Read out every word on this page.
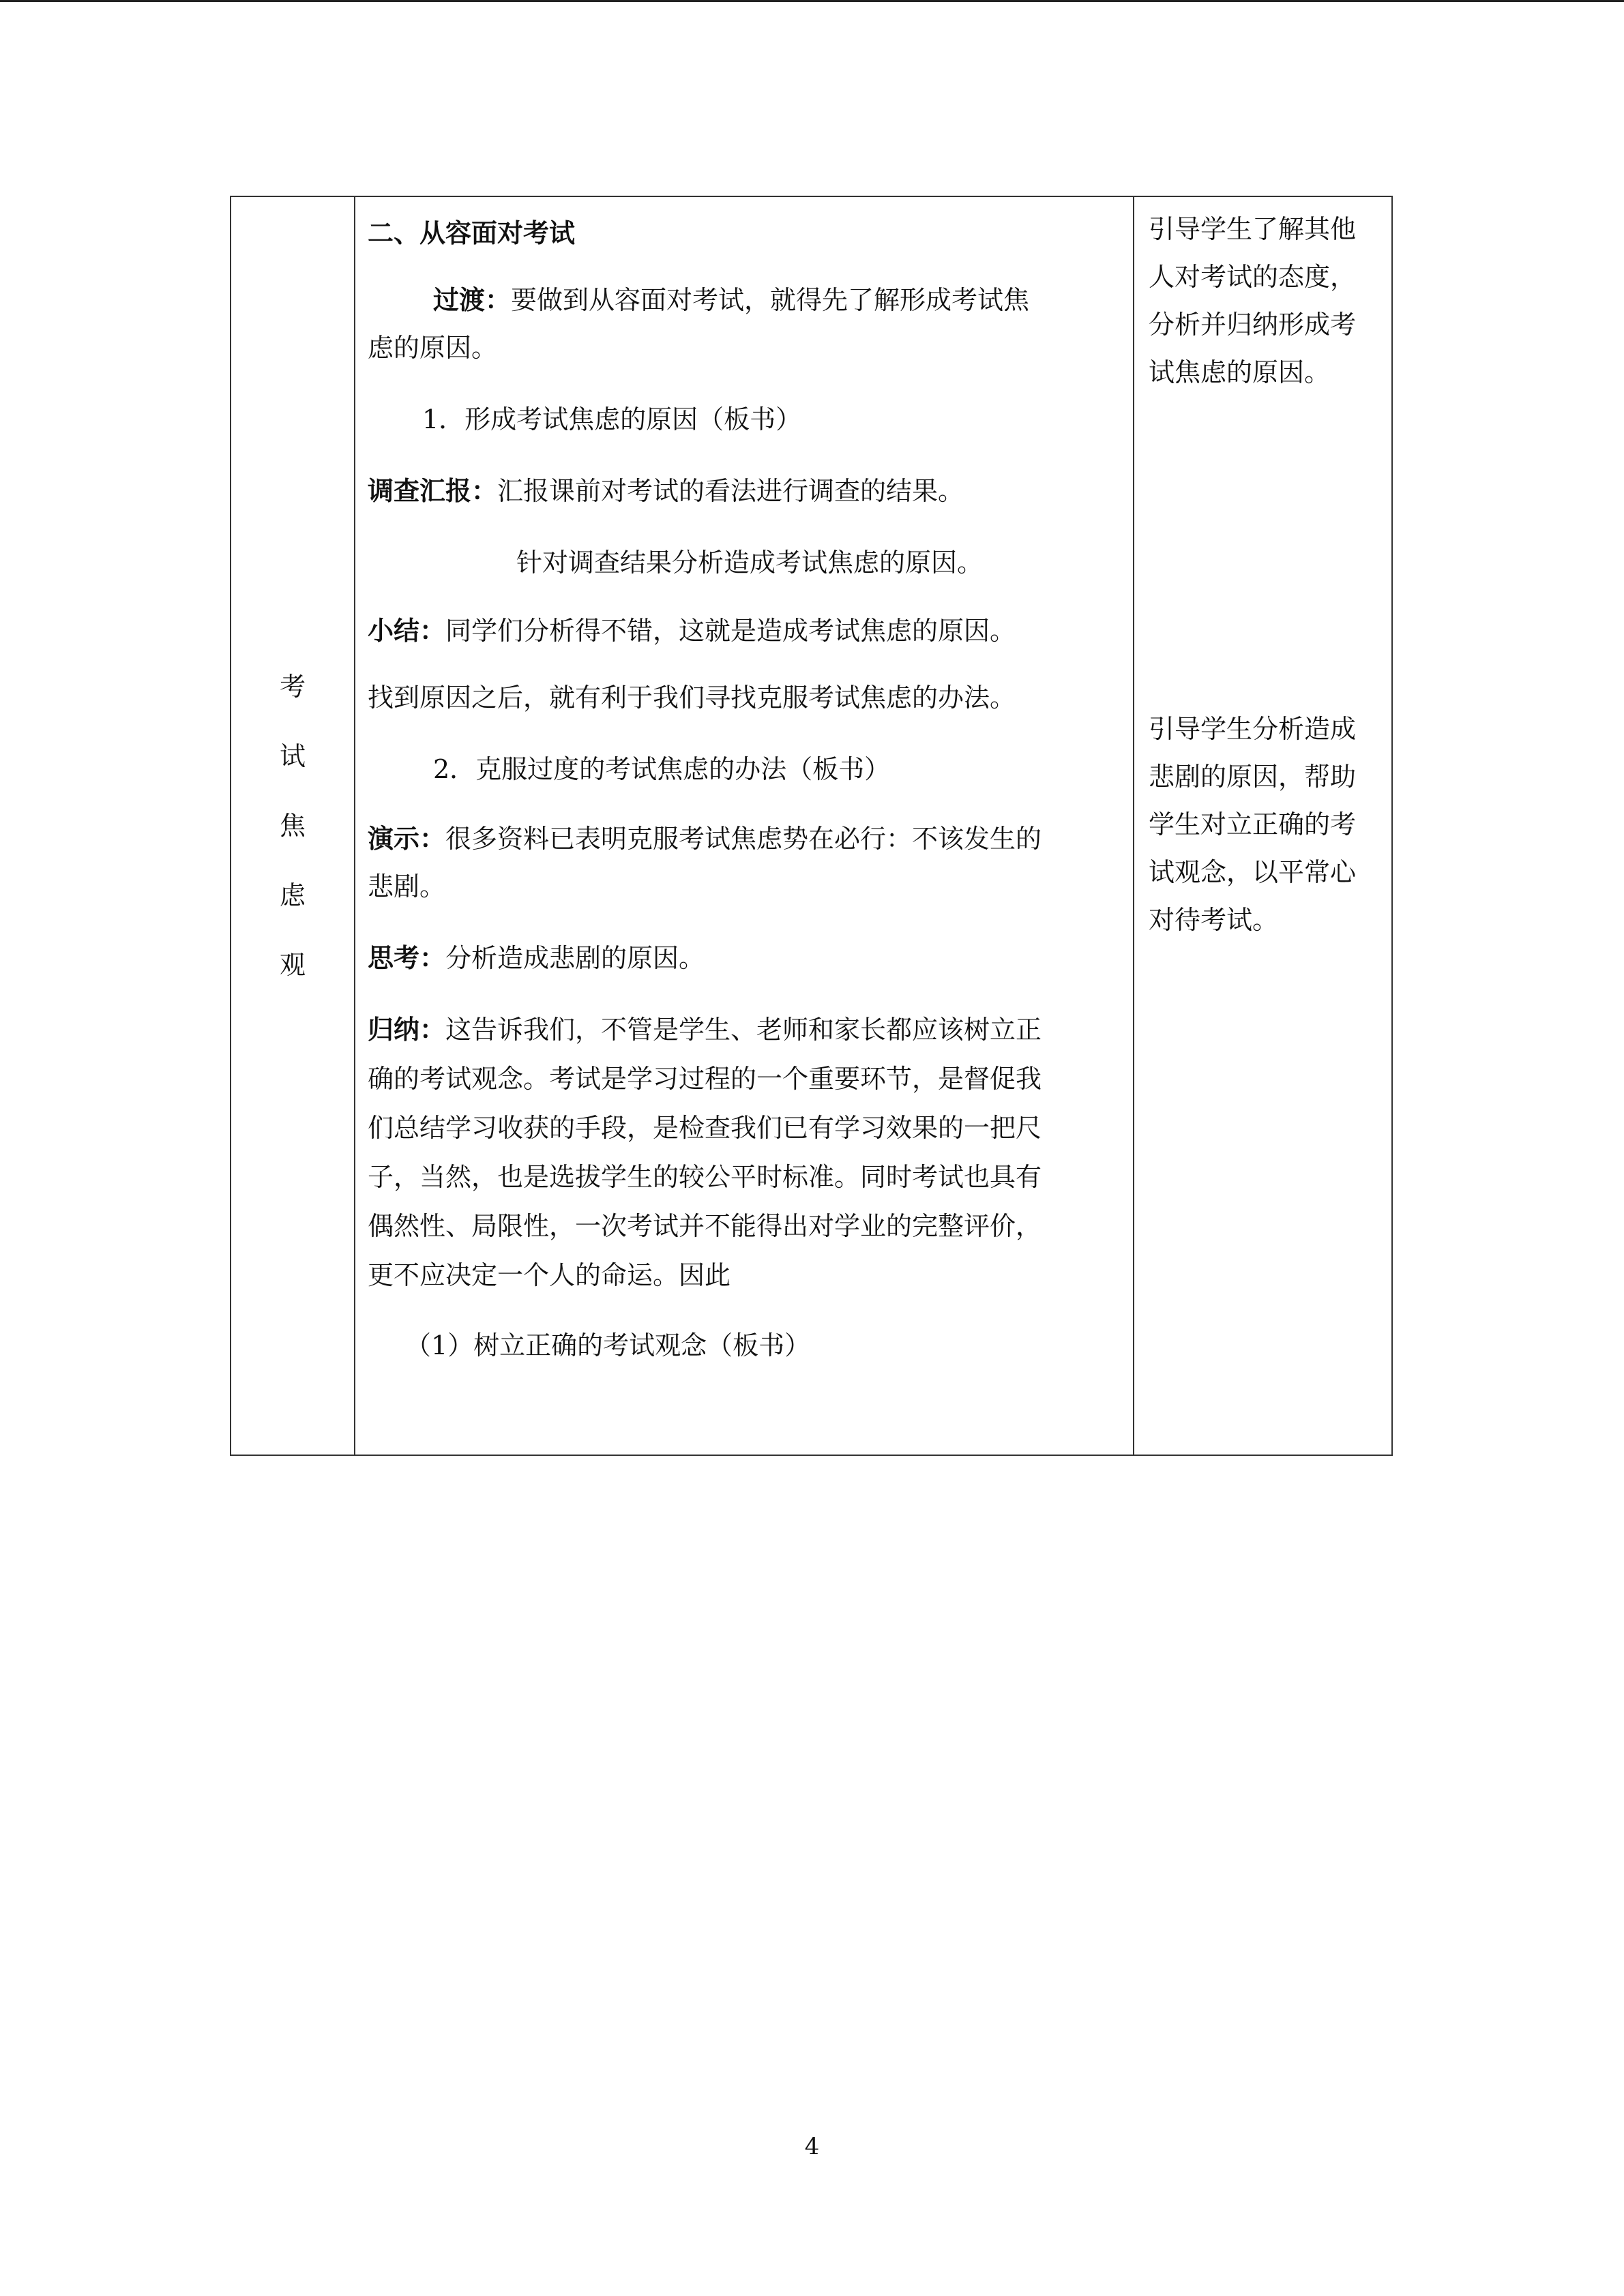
考
试
焦
虑
观
二、从容面对考试
过渡：要做到从容面对考试，就得先了解形成考试焦
虑的原因。
1．形成考试焦虑的原因（板书）
调查汇报：汇报课前对考试的看法进行调查的结果。
针对调查结果分析造成考试焦虑的原因。
小结：同学们分析得不错，这就是造成考试焦虑的原因。
找到原因之后，就有利于我们寻找克服考试焦虑的办法。
2．克服过度的考试焦虑的办法（板书）
演示：很多资料已表明克服考试焦虑势在必行：不该发生的
悲剧。
思考：分析造成悲剧的原因。
归纳：这告诉我们，不管是学生、老师和家长都应该树立正
确的考试观念。考试是学习过程的一个重要环节，是督促我
们总结学习收获的手段，是检查我们已有学习效果的一把尺
子，当然，也是选拔学生的较公平时标准。同时考试也具有
偶然性、局限性，一次考试并不能得出对学业的完整评价，
更不应决定一个人的命运。因此
（1）树立正确的考试观念（板书）
引导学生了解其他
人对考试的态度，
分析并归纳形成考
试焦虑的原因。
引导学生分析造成
悲剧的原因，帮助
学生对立正确的考
试观念，以平常心
对待考试。
4
